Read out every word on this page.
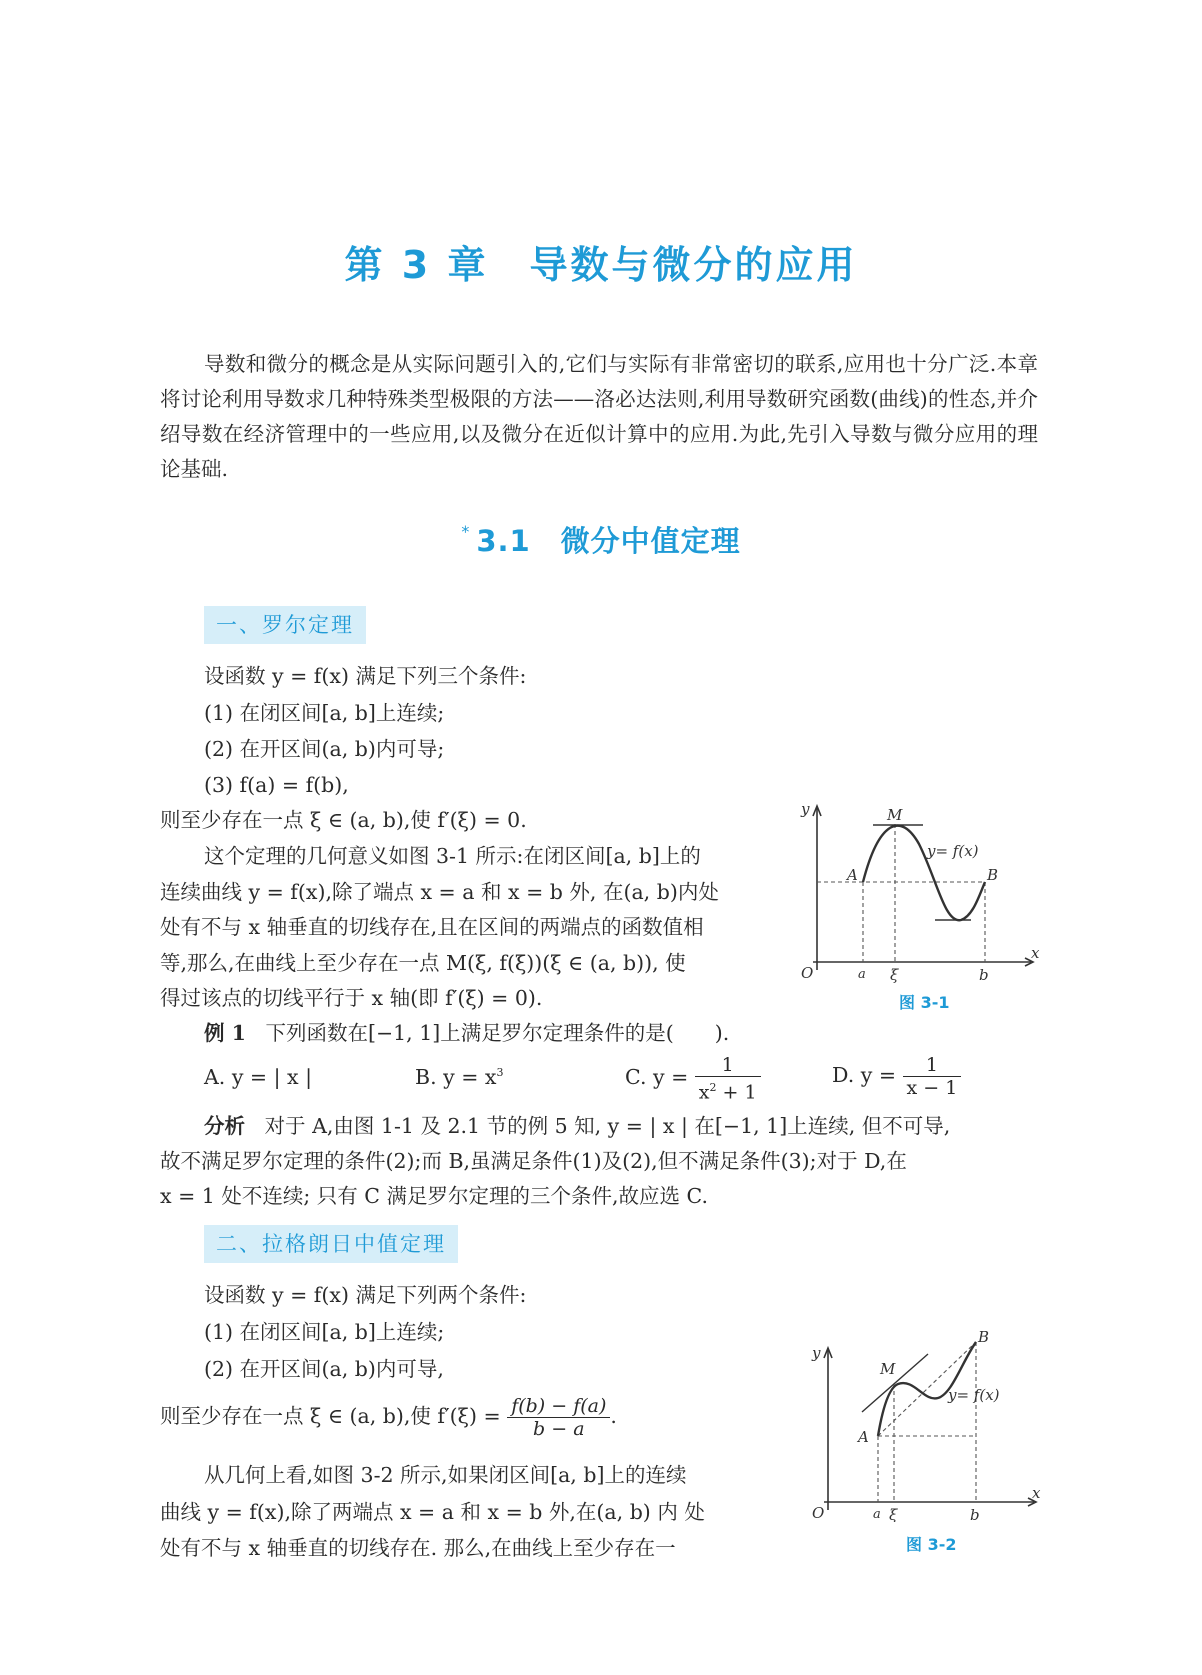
第 3 章　导数与微分的应用

导数和微分的概念是从实际问题引入的,它们与实际有非常密切的联系,应用也十分广泛.本章将讨论利用导数求几种特殊类型极限的方法——洛必达法则,利用导数研究函数(曲线)的性态,并介绍导数在经济管理中的一些应用,以及微分在近似计算中的应用.为此,先引入导数与微分应用的理论基础.

* 3.1　微分中值定理
一、罗尔定理
设函数 y = f(x) 满足下列三个条件:
(1) 在闭区间[a, b]上连续;
(2) 在开区间(a, b)内可导;
(3) f(a) = f(b),
则至少存在一点 ξ ∈ (a, b),使 f′(ξ) = 0.
这个定理的几何意义如图 3-1 所示:在闭区间[a, b]上的
连续曲线 y = f(x),除了端点 x = a 和 x = b 外, 在(a, b)内处
处有不与 x 轴垂直的切线存在,且在区间的两端点的函数值相
等,那么,在曲线上至少存在一点 M(ξ, f(ξ))(ξ ∈ (a, b)), 使
得过该点的切线平行于 x 轴(即 f′(ξ) = 0).
y
x
O	a ξ	b
A	B
M
y= f(x)
图 3-1
例 1 下列函数在[−1, 1]上满足罗尔定理条件的是(　　).
A. y = | x |	B. $y = x^3$	C. $y = \frac{1}{x^2 + 1}$	D. $y = \frac{1}{x - 1}$
分析 对于 A,由图 1-1 及 2.1 节的例 5 知, y = | x | 在[−1, 1]上连续, 但不可导,
故不满足罗尔定理的条件(2);而 B,虽满足条件(1)及(2),但不满足条件(3);对于 D,在
x = 1 处不连续; 只有 C 满足罗尔定理的三个条件,故应选 C.
二、拉格朗日中值定理
设函数 y = f(x) 满足下列两个条件:
(1) 在闭区间[a, b]上连续;
(2) 在开区间(a, b)内可导,
则至少存在一点 ξ ∈ (a, b),使 $f'(\xi) = \frac{f(b) - f(a)}{b - a}$ .
从几何上看,如图 3-2 所示,如果闭区间[a, b]上的连续
曲线 y = f(x),除了两端点 x = a 和 x = b 外,在(a, b) 内 处
处有不与 x 轴垂直的切线存在. 那么,在曲线上至少存在一
y
x
O	a ξ	b
A
B
M
y= f(x)
图 3-2
